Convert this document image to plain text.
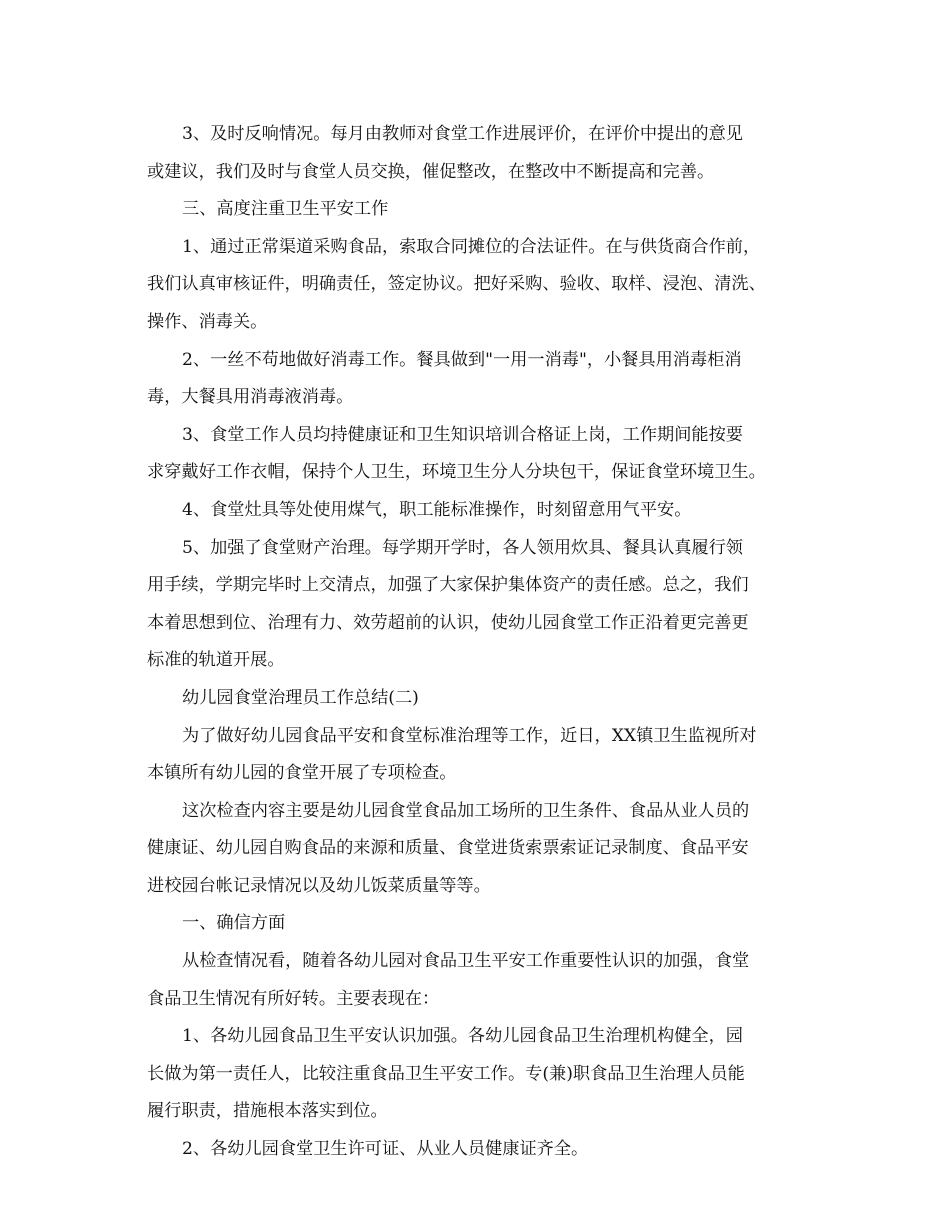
3、及时反响情况。每月由教师对食堂工作进展评价，在评价中提出的意见
或建议，我们及时与食堂人员交换，催促整改，在整改中不断提高和完善。
三、高度注重卫生平安工作
1、通过正常渠道采购食品，索取合同摊位的合法证件。在与供货商合作前，
我们认真审核证件，明确责任，签定协议。把好采购、验收、取样、浸泡、清洗、
操作、消毒关。
2、一丝不苟地做好消毒工作。餐具做到"一用一消毒"，小餐具用消毒柜消
毒，大餐具用消毒液消毒。
3、食堂工作人员均持健康证和卫生知识培训合格证上岗，工作期间能按要
求穿戴好工作衣帽，保持个人卫生，环境卫生分人分块包干，保证食堂环境卫生。
4、食堂灶具等处使用煤气，职工能标准操作，时刻留意用气平安。
5、加强了食堂财产治理。每学期开学时，各人领用炊具、餐具认真履行领
用手续，学期完毕时上交清点，加强了大家保护集体资产的责任感。总之，我们
本着思想到位、治理有力、效劳超前的认识，使幼儿园食堂工作正沿着更完善更
标准的轨道开展。
幼儿园食堂治理员工作总结(二)
为了做好幼儿园食品平安和食堂标准治理等工作，近日，XX镇卫生监视所对
本镇所有幼儿园的食堂开展了专项检查。
这次检查内容主要是幼儿园食堂食品加工场所的卫生条件、食品从业人员的
健康证、幼儿园自购食品的来源和质量、食堂进货索票索证记录制度、食品平安
进校园台帐记录情况以及幼儿饭菜质量等等。
一、确信方面
从检查情况看，随着各幼儿园对食品卫生平安工作重要性认识的加强，食堂
食品卫生情况有所好转。主要表现在：
1、各幼儿园食品卫生平安认识加强。各幼儿园食品卫生治理机构健全，园
长做为第一责任人，比较注重食品卫生平安工作。专(兼)职食品卫生治理人员能
履行职责，措施根本落实到位。
2、各幼儿园食堂卫生许可证、从业人员健康证齐全。
